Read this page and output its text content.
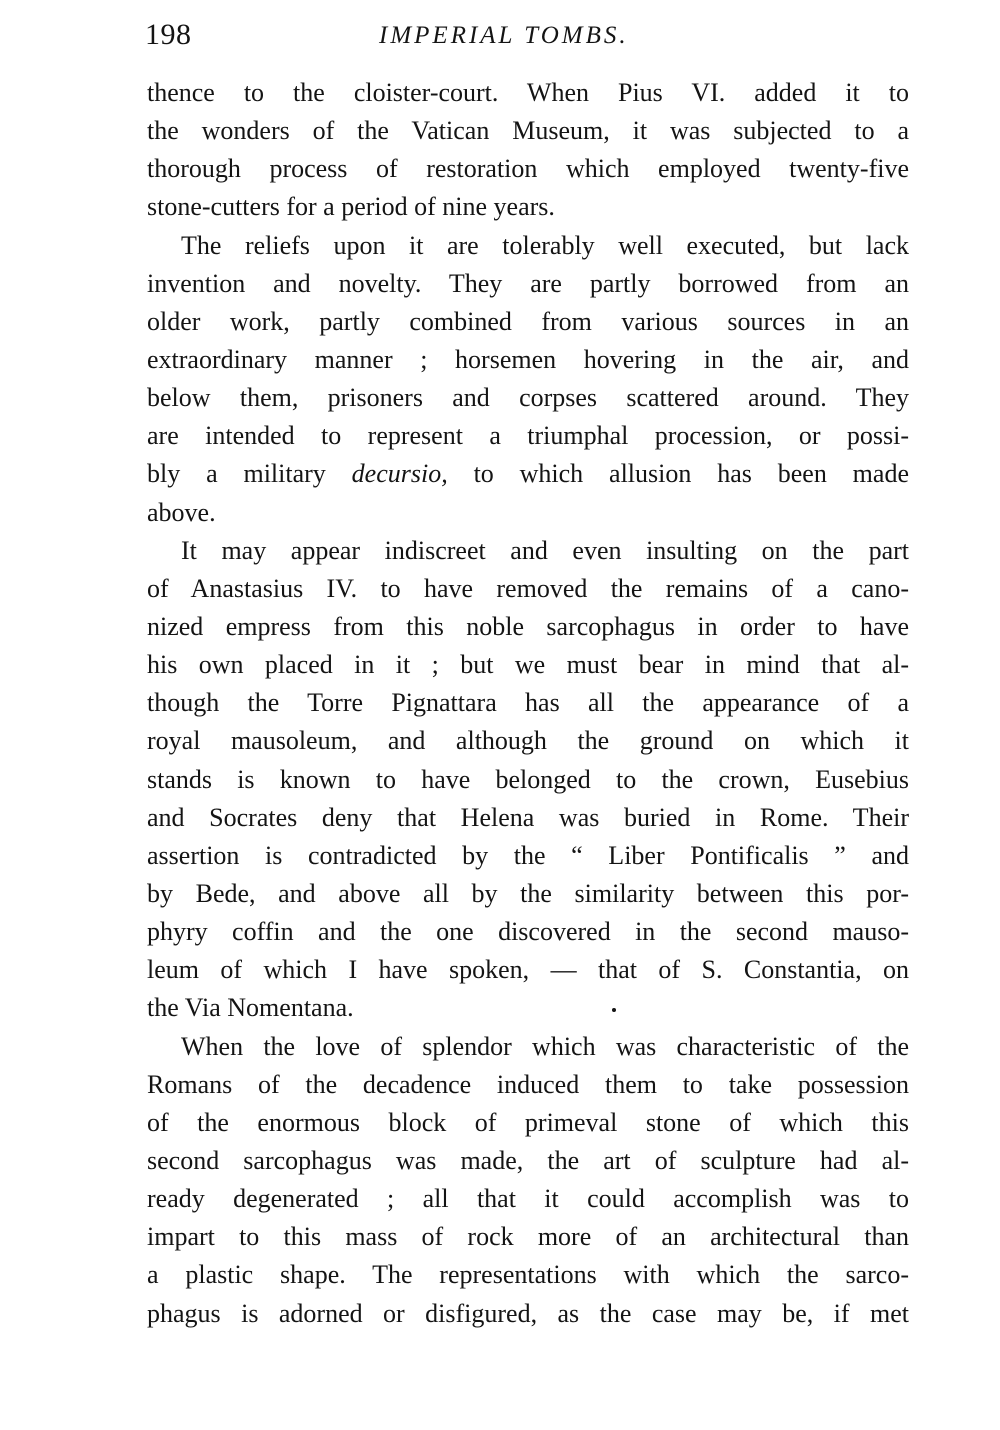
198	IMPERIAL TOMBS.
thence to the cloister-court. When Pius VI. added it to
the wonders of the Vatican Museum, it was subjected to a
thorough process of restoration which employed twenty-five
stone-cutters for a period of nine years.
The reliefs upon it are tolerably well executed, but lack
invention and novelty. They are partly borrowed from an
older work, partly combined from various sources in an
extraordinary manner ; horsemen hovering in the air, and
below them, prisoners and corpses scattered around. They
are intended to represent a triumphal procession, or possi-
bly a military decursio, to which allusion has been made
above.
It may appear indiscreet and even insulting on the part
of Anastasius IV. to have removed the remains of a cano-
nized empress from this noble sarcophagus in order to have
his own placed in it ; but we must bear in mind that al-
though the Torre Pignattara has all the appearance of a
royal mausoleum, and although the ground on which it
stands is known to have belonged to the crown, Eusebius
and Socrates deny that Helena was buried in Rome. Their
assertion is contradicted by the “ Liber Pontificalis ” and
by Bede, and above all by the similarity between this por-
phyry coffin and the one discovered in the second mauso-
leum of which I have spoken, — that of S. Constantia, on
the Via Nomentana.
When the love of splendor which was characteristic of the
Romans of the decadence induced them to take possession
of the enormous block of primeval stone of which this
second sarcophagus was made, the art of sculpture had al-
ready degenerated ; all that it could accomplish was to
impart to this mass of rock more of an architectural than
a plastic shape. The representations with which the sarco-
phagus is adorned or disfigured, as the case may be, if met
